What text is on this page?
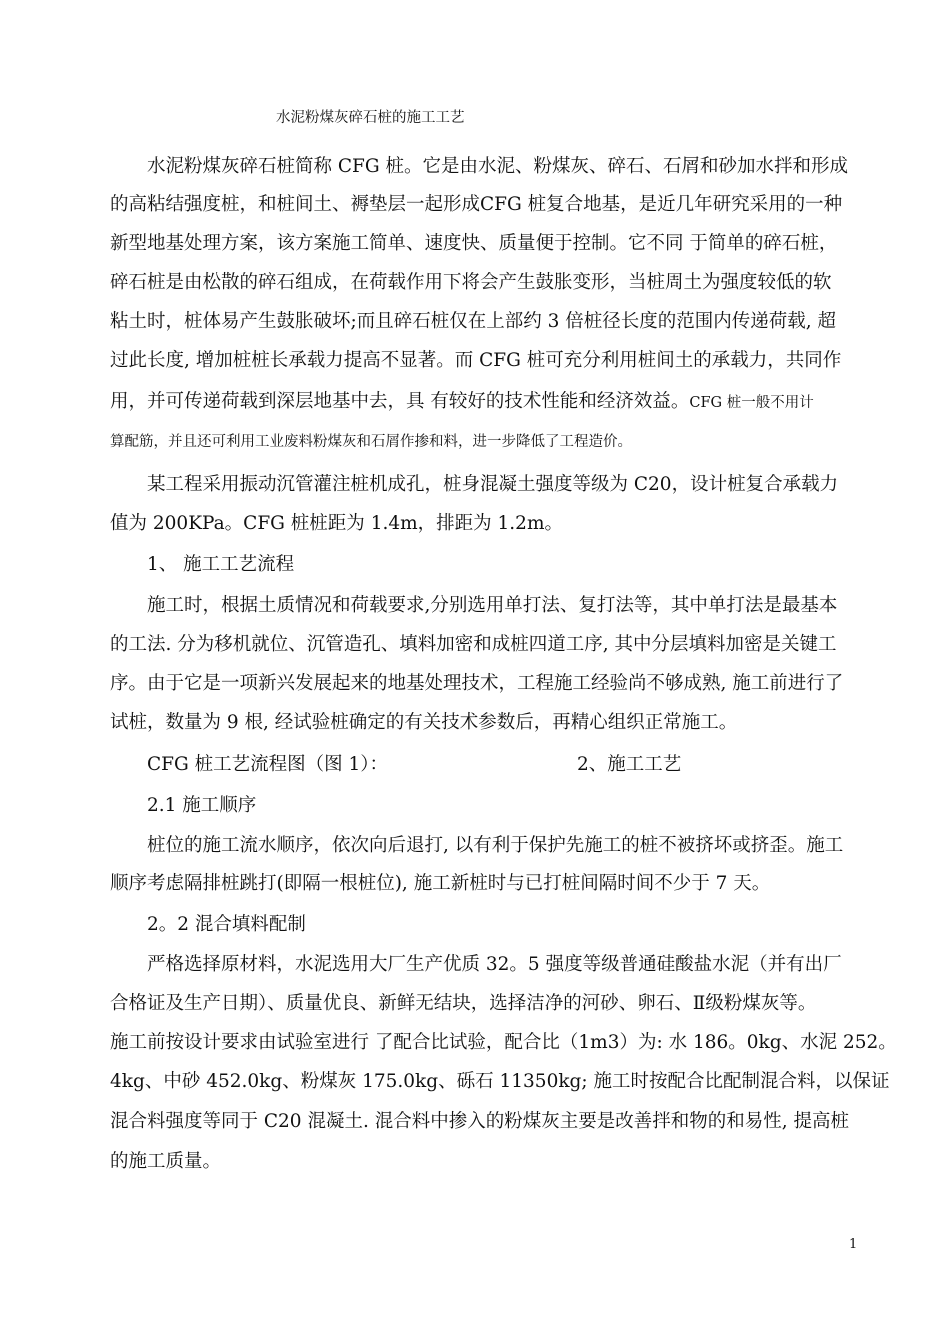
水泥粉煤灰碎石桩的施工工艺

水泥粉煤灰碎石桩简称 CFG 桩。它是由水泥、粉煤灰、碎石、石屑和砂加水拌和形成

的高粘结强度桩，和桩间土、褥垫层一起形成CFG 桩复合地基，是近几年研究采用的一种

新型地基处理方案，该方案施工简单、速度快、质量便于控制。它不同 于简单的碎石桩，

碎石桩是由松散的碎石组成，在荷载作用下将会产生鼓胀变形，当桩周土为强度较低的软

粘土时，桩体易产生鼓胀破坏;而且碎石桩仅在上部约 3 倍桩径长度的范围内传递荷载, 超

过此长度, 增加桩桩长承载力提高不显著。而 CFG 桩可充分利用桩间土的承载力，共同作

用，并可传递荷载到深层地基中去，具 有较好的技术性能和经济效益。CFG 桩一般不用计

算配筋，并且还可利用工业废料粉煤灰和石屑作掺和料，进一步降低了工程造价。

某工程采用振动沉管灌注桩机成孔，桩身混凝土强度等级为 C20，设计桩复合承载力

值为 200KPa。CFG 桩桩距为 1.4m，排距为 1.2m。

1、 施工工艺流程

施工时，根据土质情况和荷载要求,分别选用单打法、复打法等，其中单打法是最基本

的工法. 分为移机就位、沉管造孔、填料加密和成桩四道工序, 其中分层填料加密是关键工

序。由于它是一项新兴发展起来的地基处理技术，工程施工经验尚不够成熟, 施工前进行了

试桩，数量为 9 根, 经试验桩确定的有关技术参数后，再精心组织正常施工。

CFG 桩工艺流程图（图 1）：	2、施工工艺

2.1 施工顺序

桩位的施工流水顺序，依次向后退打, 以有利于保护先施工的桩不被挤坏或挤歪。施工

顺序考虑隔排桩跳打(即隔一根桩位), 施工新桩时与已打桩间隔时间不少于 7 天。

2。2 混合填料配制

严格选择原材料，水泥选用大厂生产优质 32。5 强度等级普通硅酸盐水泥（并有出厂

合格证及生产日期）、质量优良、新鲜无结块，选择洁净的河砂、卵石、Ⅱ级粉煤灰等。

施工前按设计要求由试验室进行 了配合比试验，配合比（1m3）为: 水 186。0kg、水泥 252。

4kg、中砂 452.0kg、粉煤灰 175.0kg、砾石 11350kg; 施工时按配合比配制混合料，以保证

混合料强度等同于 C20 混凝土. 混合料中掺入的粉煤灰主要是改善拌和物的和易性, 提高桩

的施工质量。

1
